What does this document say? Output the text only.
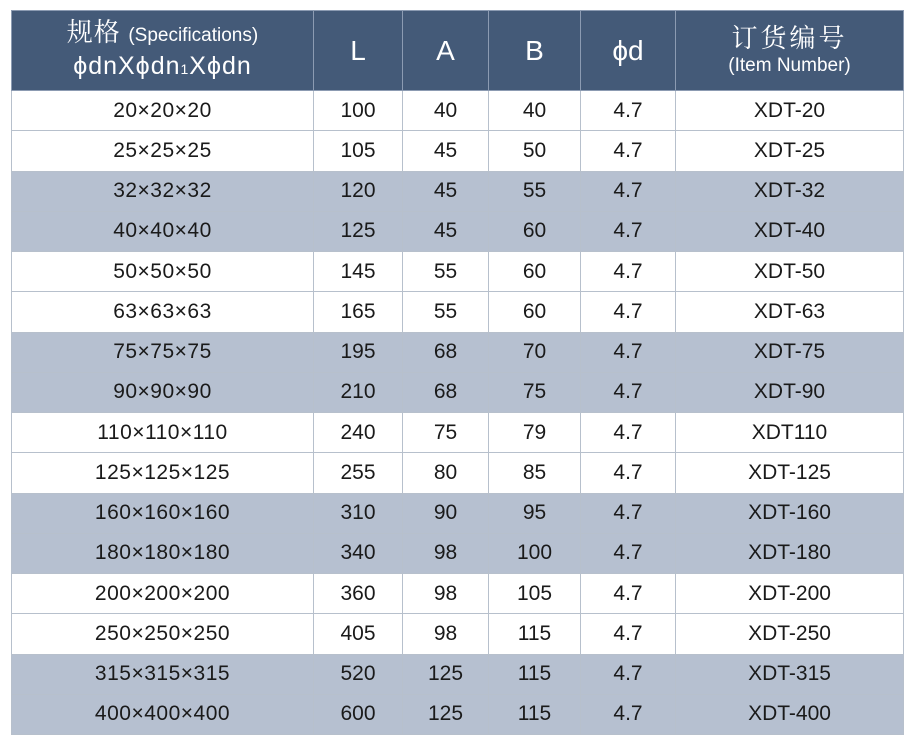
规格 (Specifications)
ϕdnXϕdn1Xϕdn	L	A	B	ϕd	订货编号
(Item Number)

20×20×20	100	40	40	4.7	XDT-20
25×25×25	105	45	50	4.7	XDT-25
32×32×32	120	45	55	4.7	XDT-32
40×40×40	125	45	60	4.7	XDT-40
50×50×50	145	55	60	4.7	XDT-50
63×63×63	165	55	60	4.7	XDT-63
75×75×75	195	68	70	4.7	XDT-75
90×90×90	210	68	75	4.7	XDT-90
110×110×110	240	75	79	4.7	XDT110
125×125×125	255	80	85	4.7	XDT-125
160×160×160	310	90	95	4.7	XDT-160
180×180×180	340	98	100	4.7	XDT-180
200×200×200	360	98	105	4.7	XDT-200
250×250×250	405	98	115	4.7	XDT-250
315×315×315	520	125	115	4.7	XDT-315
400×400×400	600	125	115	4.7	XDT-400
